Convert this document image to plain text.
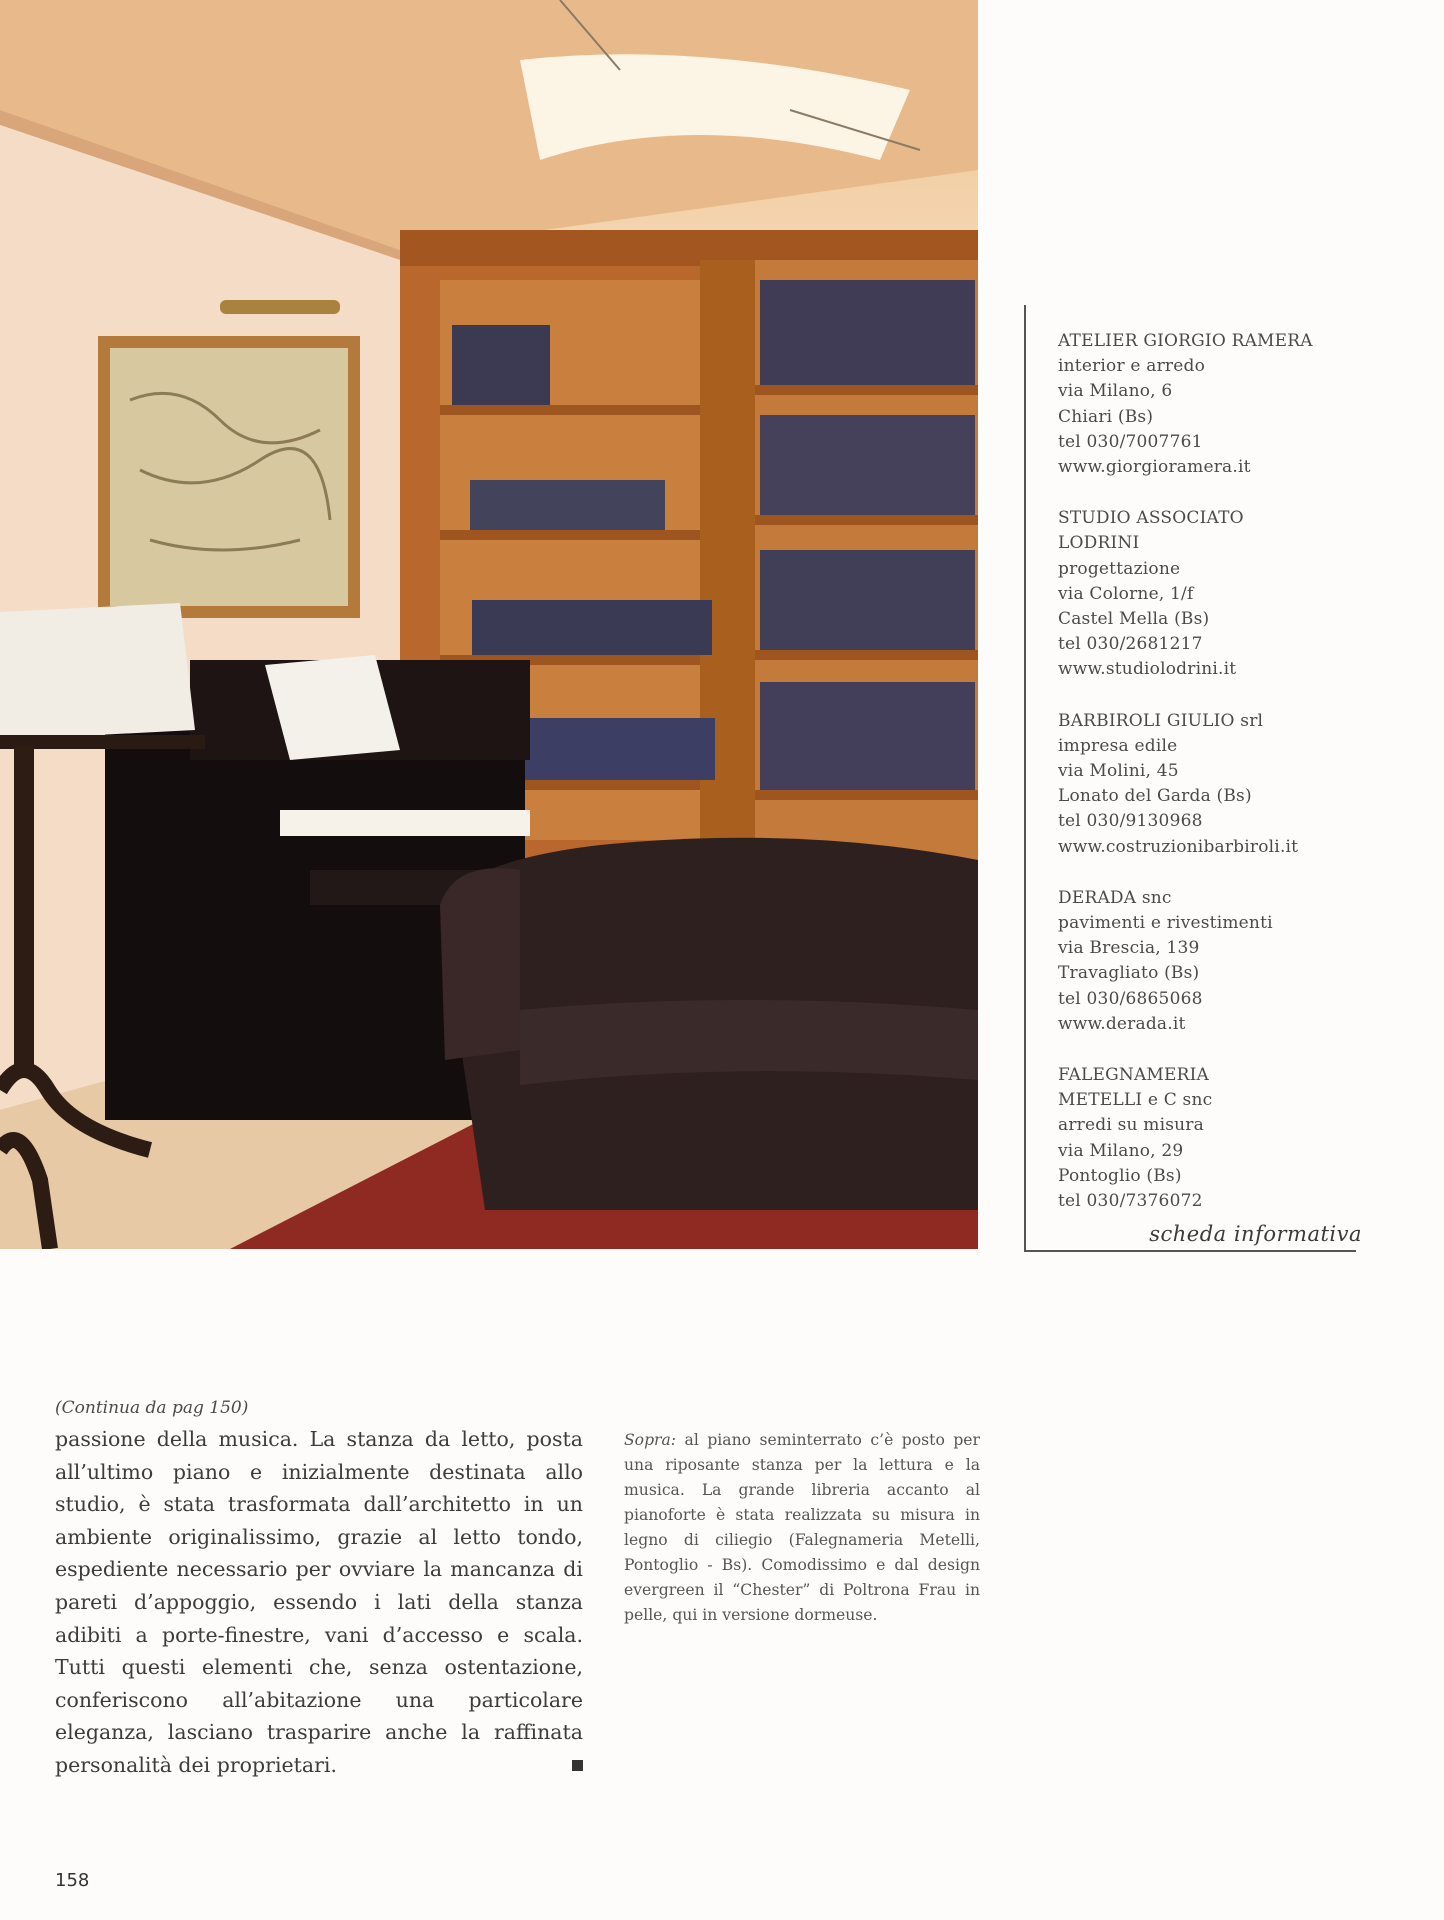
ATELIER GIORGIO RAMERA
interior e arredo
via Milano, 6
Chiari (Bs)
tel 030/7007761
www.giorgioramera.it
STUDIO ASSOCIATO
LODRINI
progettazione
via Colorne, 1/f
Castel Mella (Bs)
tel 030/2681217
www.studiolodrini.it
BARBIROLI GIULIO srl
impresa edile
via Molini, 45
Lonato del Garda (Bs)
tel 030/9130968
www.costruzionibarbiroli.it
DERADA snc
pavimenti e rivestimenti
via Brescia, 139
Travagliato (Bs)
tel 030/6865068
www.derada.it
FALEGNAMERIA
METELLI e C snc
arredi su misura
via Milano, 29
Pontoglio (Bs)
tel 030/7376072
scheda informativa
(Continua da pag 150)
passione della musica. La stanza da letto, posta all’ultimo piano e inizialmente destinata allo studio, è stata trasformata dall’architetto in un ambiente originalissimo, grazie al letto tondo, espediente necessario per ovviare la mancanza di pareti d’appoggio, essendo i lati della stanza adibiti a porte-finestre, vani d’accesso e scala. Tutti questi elementi che, senza ostentazione, conferiscono all’abitazione una particolare eleganza, lasciano trasparire anche la raffinata personalità dei proprietari.
Sopra: al piano seminterrato c’è posto per una riposante stanza per la lettura e la musica. La grande libreria accanto al pianoforte è stata realizzata su misura in legno di ciliegio (Falegnameria Metelli, Pontoglio - Bs). Comodissimo e dal design evergreen il “Chester” di Poltrona Frau in pelle, qui in versione dormeuse.
158
